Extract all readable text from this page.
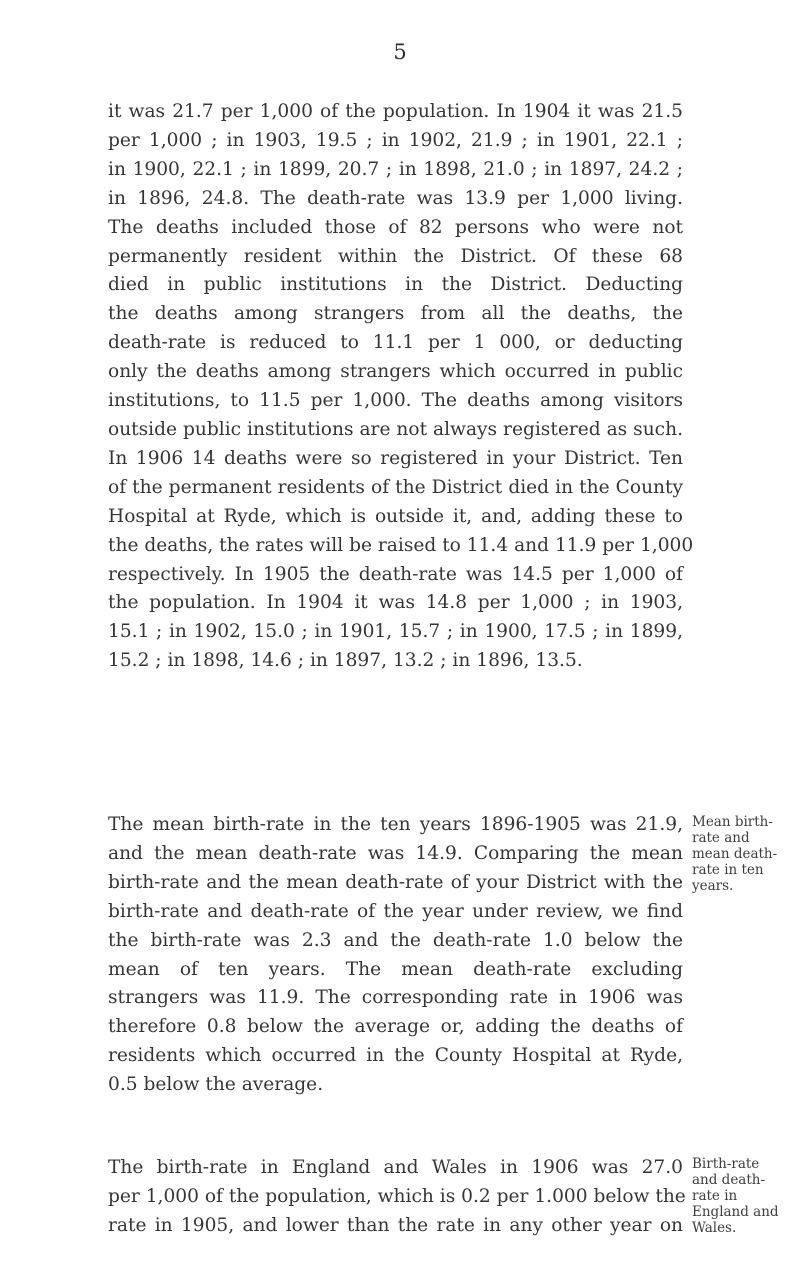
5
it was 21.7 per 1,000 of the population. In 1904 it was 21.5
per 1,000 ; in 1903, 19.5 ; in 1902, 21.9 ; in 1901, 22.1 ;
in 1900, 22.1 ; in 1899, 20.7 ; in 1898, 21.0 ; in 1897, 24.2 ;
in 1896, 24.8. The death-rate was 13.9 per 1,000 living.
The deaths included those of 82 persons who were not
permanently resident within the District. Of these 68
died in public institutions in the District. Deducting
the deaths among strangers from all the deaths, the
death-rate is reduced to 11.1 per 1 000, or deducting
only the deaths among strangers which occurred in public
institutions, to 11.5 per 1,000. The deaths among visitors
outside public institutions are not always registered as such.
In 1906 14 deaths were so registered in your District. Ten
of the permanent residents of the District died in the County
Hospital at Ryde, which is outside it, and, adding these to
the deaths, the rates will be raised to 11.4 and 11.9 per 1,000
respectively. In 1905 the death-rate was 14.5 per 1,000 of
the population. In 1904 it was 14.8 per 1,000 ; in 1903,
15.1 ; in 1902, 15.0 ; in 1901, 15.7 ; in 1900, 17.5 ; in 1899,
15.2 ; in 1898, 14.6 ; in 1897, 13.2 ; in 1896, 13.5.
The mean birth-rate in the ten years 1896-1905 was 21.9,
and the mean death-rate was 14.9. Comparing the mean
birth-rate and the mean death-rate of your District with the
birth-rate and death-rate of the year under review, we find
the birth-rate was 2.3 and the death-rate 1.0 below the
mean of ten years. The mean death-rate excluding
strangers was 11.9. The corresponding rate in 1906 was
therefore 0.8 below the average or, adding the deaths of
residents which occurred in the County Hospital at Ryde,
0.5 below the average.
Mean birth-
rate and
mean death-
rate in ten
years.
The birth-rate in England and Wales in 1906 was 27.0
per 1,000 of the population, which is 0.2 per 1.000 below the
rate in 1905, and lower than the rate in any other year on
Birth-rate
and death-
rate in
England and
Wales.
